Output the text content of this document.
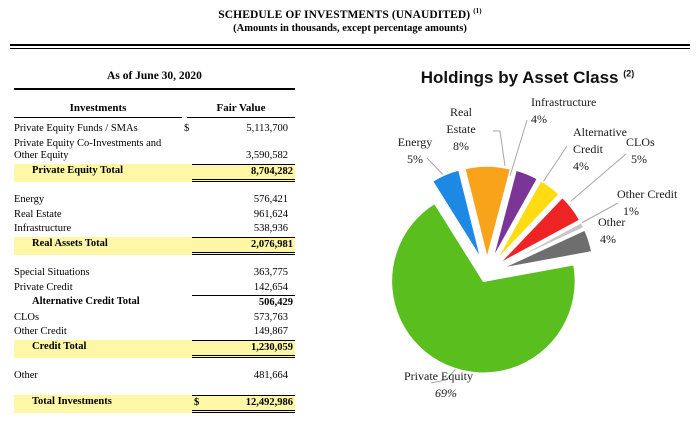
SCHEDULE OF INVESTMENTS (UNAUDITED) $^{(1)}$
(Amounts in thousands, except percentage amounts)
As of June 30, 2020
Investments	Fair Value
Private Equity Funds / SMAs	$	5,113,700
Private Equity Co-Investments and Other Equity	3,590,582
Private Equity Total	8,704,282
Energy	576,421
Real Estate	961,624
Infrastructure	538,936
Real Assets Total	2,076,981
Special Situations	363,775
Private Credit	142,654
Alternative Credit Total	506,429
CLOs	573,763
Other Credit	149,867
Credit Total	1,230,059
Other	481,664
Total Investments	$	12,492,986
Holdings by Asset Class $^{(2)}$
Energy
5%
Real Estate
8%
Infrastructure
4%
Alternative Credit
4%
CLOs
5%
Other Credit
1%
Other
4%
Private Equity
69%
